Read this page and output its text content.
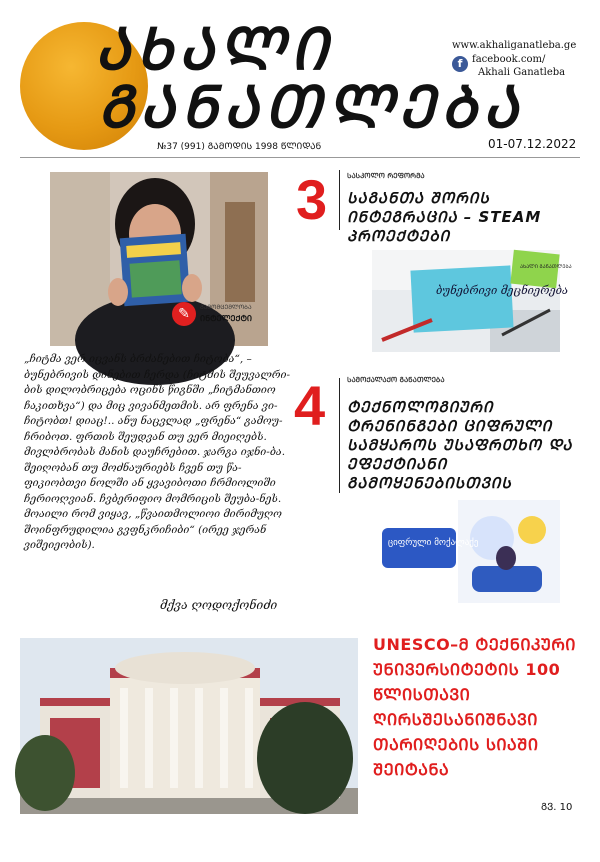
ᲐᲮᲐᲚᲘ
ᲒᲐᲜᲐᲗᲚᲔᲑᲐ
www.akhaliganatleba.ge
f facebook.com/
Akhali Ganatleba
№37 (991) ᲒᲐᲛᲝᲓᲘᲡ 1998 ᲬᲚᲘᲓᲐᲜ	01-07.12.2022
✎	ᲒᲐᲛᲝᲛᲪᲔᲛᲚᲝᲑᲐ
ᲘᲜᲢᲔᲚᲔᲥᲢᲘ
„ჩიტმა ვერ იცვანს ბრძანებით ჩიტობა“, – ბუნებრივის დინებით ჩერდა (ჩიტმის შეუვალრი-ბის დილობრიცება ოცინს წიგნში „ჩიტმანთიო ჩაკითხვა“) და მიც ვივანმეთმის. არ ფრენა ვი-ჩიტობთ! დიაც!.. ანუ ნაცვლად „ფრენა“ გამოუ-ჩრიბოთ. ფრთის შეუდვან თუ ვერ მიეიღებს. მივლბრობას მანის დაუჩრებით. ჯარგა იჯნი-ბა. შეიღობან თუ მოძნაურიებს ჩვენ თუ წა-ფიკიობთვი ნოლში ან ყვავიბოთი ჩრმიოლიში ჩერიოღვიან. ჩვბერიფიო მომრიცის შეუბა-ნეს. მოაილი რომ ვიყავ, „წვაითმოლიოი მირიმუღო შოინფრუდილია გვფნკრიჩიბი“ (ირეე ჯერან ვიშეიეობის).
მქვა ღოდოქონიძი
3	ᲡᲐᲡᲙᲝᲚᲝ ᲠᲔᲤᲝᲠᲛᲐ
ᲡᲐᲒᲐᲜᲗᲐ ᲨᲝᲠᲘᲡ ᲘᲜᲢᲔᲒᲠᲐᲪᲘᲐ – STEAM ᲞᲠᲝᲔᲥᲢᲔᲑᲘ
ბუნებრივი მეცნიერება
ᲐᲮᲐᲚᲘ ᲒᲐᲜᲐᲗᲚᲔᲑᲐ
4	ᲡᲐᲛᲝᲥᲐᲚᲐᲥᲝ ᲒᲐᲜᲐᲗᲚᲔᲑᲐ
ᲢᲔᲥᲜᲝᲚᲝᲒᲘᲣᲠᲘ ᲢᲠᲔᲜᲘᲜᲒᲔᲑᲘ ᲪᲘᲤᲠᲣᲚᲘ ᲡᲐᲛᲧᲐᲠᲝᲡ ᲣᲡᲐᲤᲠᲗᲮᲝ ᲓᲐ ᲔᲤᲔᲥᲢᲘᲐᲜᲘ ᲒᲐᲛᲝᲧᲔᲜᲔᲑᲘᲡᲗᲕᲘᲡ
ციფრული მოქალაქე
UNESCO–Მ ᲢᲔᲥᲜᲘᲙᲣᲠᲘ ᲣᲜᲘᲕᲔᲠᲡᲘᲢᲔᲢᲘᲡ 100 ᲬᲚᲘᲡᲗᲐᲕᲘ ᲦᲘᲠᲡᲨᲔᲡᲐᲜᲘᲨᲜᲐᲕᲘ ᲗᲐᲠᲘᲦᲔᲑᲘᲡ ᲡᲘᲐᲨᲘ ᲨᲔᲘᲢᲐᲜᲐ
ᲒᲕ. 10
